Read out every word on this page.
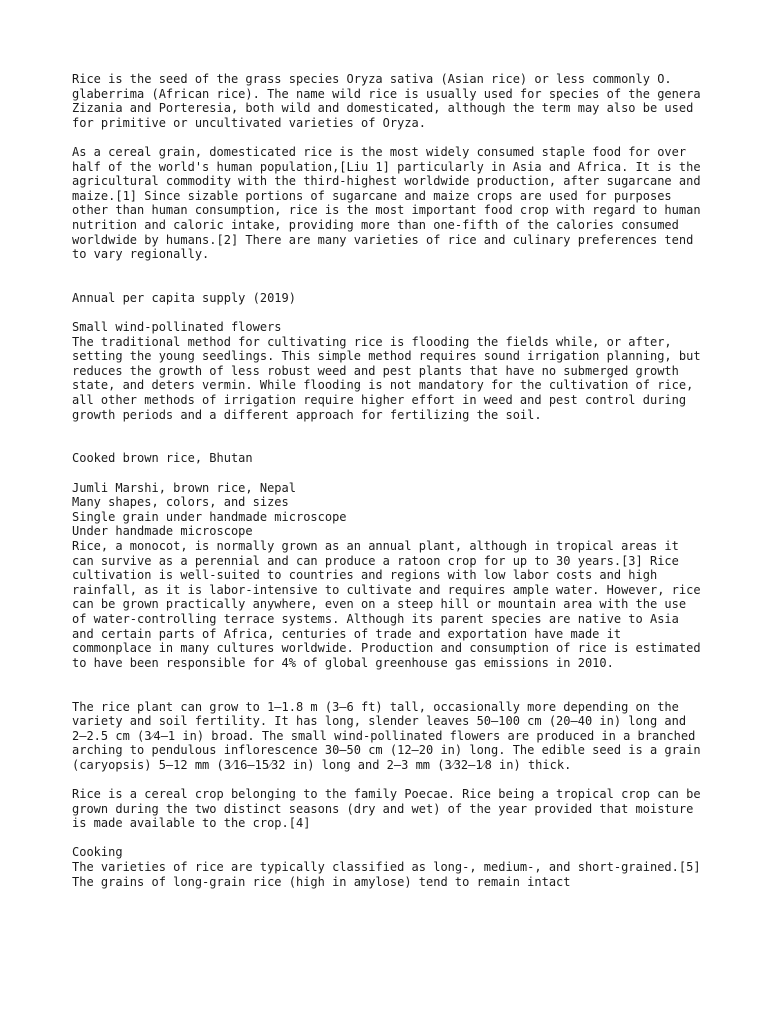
Rice is the seed of the grass species Oryza sativa (Asian rice) or less commonly O. glaberrima (African rice). The name wild rice is usually used for species of the genera Zizania and Porteresia, both wild and domesticated, although the term may also be used for primitive or uncultivated varieties of Oryza.

As a cereal grain, domesticated rice is the most widely consumed staple food for over half of the world's human population,[Liu 1] particularly in Asia and Africa. It is the agricultural commodity with the third-highest worldwide production, after sugarcane and maize.[1] Since sizable portions of sugarcane and maize crops are used for purposes other than human consumption, rice is the most important food crop with regard to human nutrition and caloric intake, providing more than one-fifth of the calories consumed worldwide by humans.[2] There are many varieties of rice and culinary preferences tend to vary regionally.

Annual per capita supply (2019)

Small wind-pollinated flowers

The traditional method for cultivating rice is flooding the fields while, or after, setting the young seedlings. This simple method requires sound irrigation planning, but reduces the growth of less robust weed and pest plants that have no submerged growth state, and deters vermin. While flooding is not mandatory for the cultivation of rice, all other methods of irrigation require higher effort in weed and pest control during growth periods and a different approach for fertilizing the soil.

Cooked brown rice, Bhutan

Jumli Marshi, brown rice, Nepal

Many shapes, colors, and sizes

Single grain under handmade microscope

Under handmade microscope

Rice, a monocot, is normally grown as an annual plant, although in tropical areas it can survive as a perennial and can produce a ratoon crop for up to 30 years.[3] Rice cultivation is well-suited to countries and regions with low labor costs and high rainfall, as it is labor-intensive to cultivate and requires ample water. However, rice can be grown practically anywhere, even on a steep hill or mountain area with the use of water-controlling terrace systems. Although its parent species are native to Asia and certain parts of Africa, centuries of trade and exportation have made it commonplace in many cultures worldwide. Production and consumption of rice is estimated to have been responsible for 4% of global greenhouse gas emissions in 2010.

The rice plant can grow to 1–1.8 m (3–6 ft) tall, occasionally more depending on the variety and soil fertility. It has long, slender leaves 50–100 cm (20–40 in) long and 2–2.5 cm (3⁄4–1 in) broad. The small wind-pollinated flowers are produced in a branched arching to pendulous inflorescence 30–50 cm (12–20 in) long. The edible seed is a grain (caryopsis) 5–12 mm (3⁄16–15⁄32 in) long and 2–3 mm (3⁄32–1⁄8 in) thick.

Rice is a cereal crop belonging to the family Poecae. Rice being a tropical crop can be grown during the two distinct seasons (dry and wet) of the year provided that moisture is made available to the crop.[4]

Cooking

The varieties of rice are typically classified as long-, medium-, and short-grained.[5] The grains of long-grain rice (high in amylose) tend to remain intact
